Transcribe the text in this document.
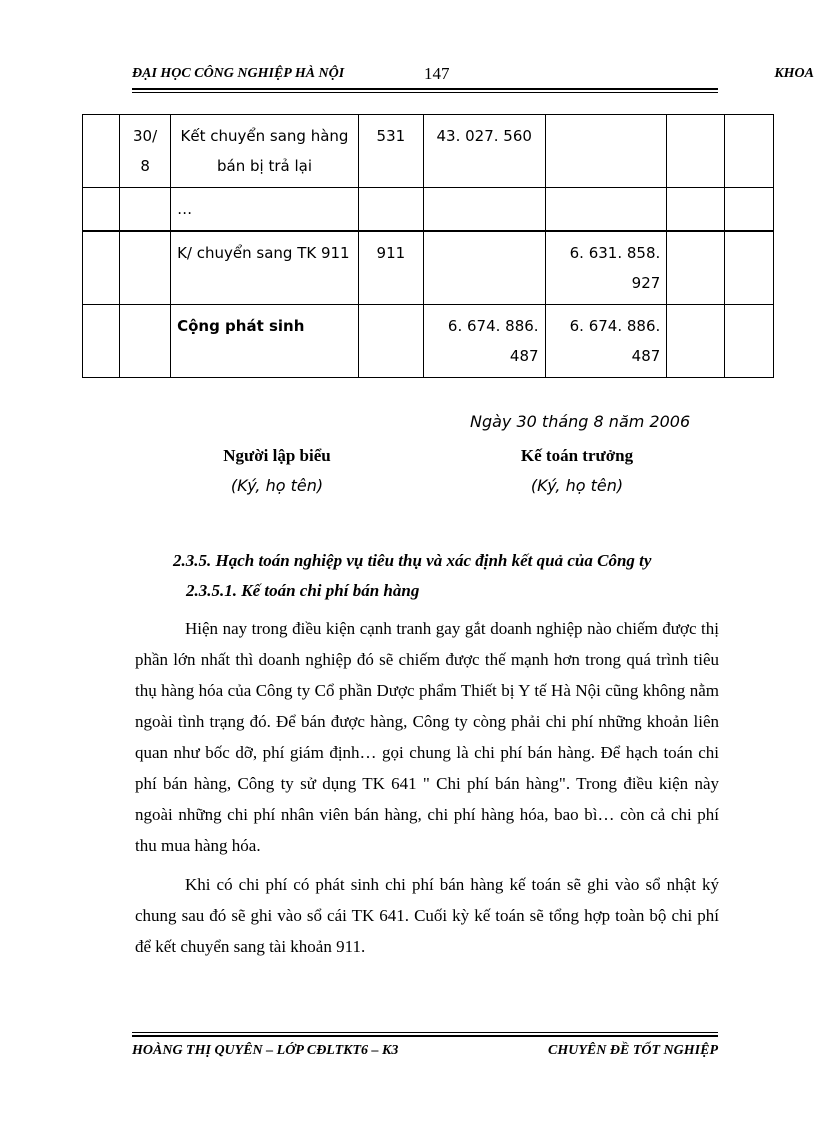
ĐẠI HỌC CÔNG NGHIỆP HÀ NỘI	147	KHOA
	30/ 8	Kết chuyển sang hàng bán bị trả lại	531	43. 027. 560			
		…					
		K/ chuyển sang TK 911	911		6. 631. 858. 927		
		Cộng phát sinh		6. 674. 886. 487	6. 674. 886. 487		
Ngày 30 tháng 8 năm 2006
Người lập biểu
(Ký, họ tên)
Kế toán trưởng
(Ký, họ tên)
2.3.5. Hạch toán nghiệp vụ tiêu thụ và xác định kết quả của Công ty
2.3.5.1. Kế toán chi phí bán hàng

Hiện nay trong điều kiện cạnh tranh gay gắt doanh nghiệp nào chiếm được thị phần lớn nhất thì doanh nghiệp đó sẽ chiếm được thế mạnh hơn trong quá trình tiêu thụ hàng hóa của Công ty Cổ phần Dược phẩm Thiết bị Y tế Hà Nội cũng không nằm ngoài tình trạng đó. Để bán được hàng, Công ty còng phải chi phí những khoản liên quan như bốc dỡ, phí giám định… gọi chung là chi phí bán hàng. Để hạch toán chi phí bán hàng, Công ty sử dụng TK 641 " Chi phí bán hàng". Trong điều kiện này ngoài những chi phí nhân viên bán hàng, chi phí hàng hóa, bao bì… còn cả chi phí thu mua hàng hóa.

Khi có chi phí có phát sinh chi phí bán hàng kế toán sẽ ghi vào sổ nhật ký chung sau đó sẽ ghi vào sổ cái TK 641. Cuối kỳ kế toán sẽ tổng hợp toàn bộ chi phí để kết chuyển sang tài khoản 911.

HOÀNG THỊ QUYÊN – LỚP CĐLTKT6 – K3	CHUYÊN ĐỀ TỐT NGHIỆP
